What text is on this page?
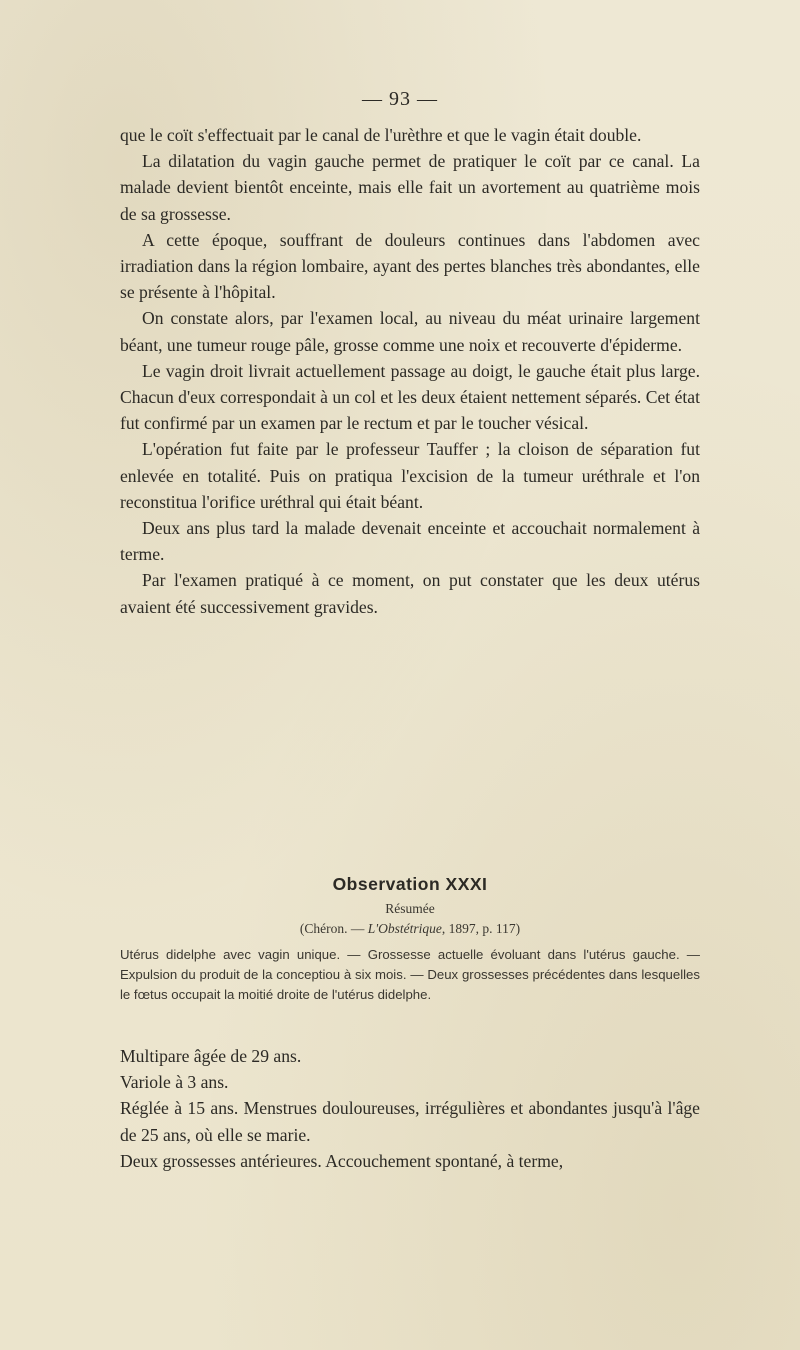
— 93 —

que le coït s'effectuait par le canal de l'urèthre et que le vagin était double.

La dilatation du vagin gauche permet de pratiquer le coït par ce canal. La malade devient bientôt enceinte, mais elle fait un avortement au quatrième mois de sa grossesse.

A cette époque, souffrant de douleurs continues dans l'abdomen avec irradiation dans la région lombaire, ayant des pertes blanches très abondantes, elle se présente à l'hôpital.

On constate alors, par l'examen local, au niveau du méat urinaire largement béant, une tumeur rouge pâle, grosse comme une noix et recouverte d'épiderme.

Le vagin droit livrait actuellement passage au doigt, le gauche était plus large. Chacun d'eux correspondait à un col et les deux étaient nettement séparés. Cet état fut confirmé par un examen par le rectum et par le toucher vésical.

L'opération fut faite par le professeur Tauffer ; la cloison de séparation fut enlevée en totalité. Puis on pratiqua l'excision de la tumeur uréthrale et l'on reconstitua l'orifice uréthral qui était béant.

Deux ans plus tard la malade devenait enceinte et accouchait normalement à terme.

Par l'examen pratiqué à ce moment, on put constater que les deux utérus avaient été successivement gravides.

Observation XXXI

Résumée

(Chéron. — L'Obstétrique, 1897, p. 117)

Utérus didelphe avec vagin unique. — Grossesse actuelle évoluant dans l'utérus gauche. — Expulsion du produit de la conceptiou à six mois. — Deux grossesses précédentes dans lesquelles le fœtus occupait la moitié droite de l'utérus didelphe.

Multipare âgée de 29 ans.

Variole à 3 ans.

Réglée à 15 ans. Menstrues douloureuses, irrégulières et abondantes jusqu'à l'âge de 25 ans, où elle se marie.

Deux grossesses antérieures. Accouchement spontané, à terme,
